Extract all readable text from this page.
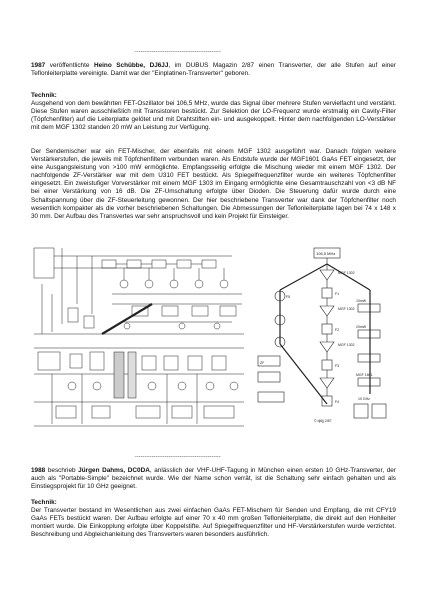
----------------------------------------------

1987 veröffentlichte Heino Schübbe, DJ6JJ, im DUBUS Magazin 2/87 einen Transverter, der alle Stufen auf einer Teflonleiterplatte vereinigte. Damit war der "Einplatinen-Transverter" geboren.

Technik:

Ausgehend von dem bewährten FET-Oszillator bei 106,5 MHz, wurde das Signal über mehrere Stufen vervielfacht und verstärkt. Diese Stufen waren ausschließlich mit Transistoren bestückt. Zur Selektion der LO-Frequenz wurde erstmalig ein Cavity-Filter (Töpfchenfilter) auf die Leiterplatte gelötet und mit Drahtstiften ein- und ausgekoppelt. Hinter dem nachfolgenden LO-Verstärker mit dem MGF 1302 standen 20 mW an Leistung zur Verfügung.

Der Sendemischer war ein FET-Mischer, der ebenfalls mit einem MGF 1302 ausgeführt war. Danach folgten weitere Verstärkerstufen, die jeweils mit Töpfchenfiltern verbunden waren. Als Endstufe wurde der MGF1601 GaAs FET eingesetzt, der eine Ausgangsleistung von >100 mW ermöglichte. Empfangsseitig erfolgte die Mischung wieder mit einem MGF 1302. Der nachfolgende ZF-Verstärker war mit dem U310 FET bestückt. Als Spiegelfrequenzfilter wurde ein weiteres Töpfchenfilter eingesetzt. Ein zweistufiger Vorverstärker mit einem MGF 1303 im Eingang ermöglichte eine Gesamtrauschzahl von <3 dB NF bei einer Verstärkung von 16 dB. Die ZF-Umschaltung erfolgte über Dioden. Die Steuerung dafür wurde durch eine Schaltspannung über die ZF-Steuerleitung gewonnen. Der hier beschriebene Transverter war dank der Töpfchenfilter noch wesentlich kompakter als die vorher beschriebenen Schaltungen. Die Abmessungen der Teflonleiterplatte lagen bei 74 x 148 x 30 mm. Der Aufbau des Transvertes war sehr anspruchsvoll und kein Projekt für Einsteiger.

106,5 MHz
MGF 1302
10mW
MGF 1302
20mW
MGF 1302
F1
F2
F3
F4
F5
MGF 1601
ZF
10 GHz
© dj6jj 2/87
----------------------------------------------

1988 beschrieb Jürgen Dahms, DC0DA, anlässlich der VHF-UHF-Tagung in München einen ersten 10 GHz-Transverter, der auch als "Portable-Simple" bezeichnet wurde. Wie der Name schon verrät, ist die Schaltung sehr einfach gehalten und als Einstiegsprojekt für 10 GHz geeignet.

Technik:

Der Transverter bestand im Wesentlichen aus zwei einfachen GaAs FET-Mischern für Senden und Empfang, die mit CFY19 GaAs FETs bestückt waren. Der Aufbau erfolgte auf einer 70 x 40 mm großen Teflonleiterplatte, die direkt auf den Hohlleiter montiert wurde. Die Einkopplung erfolgte über Koppelstifte. Auf Spiegelfrequenzfilter und HF-Verstärkerstufen wurde verzichtet. Beschreibung und Abgleichanleitung des Transverters waren besonders ausführlich.
